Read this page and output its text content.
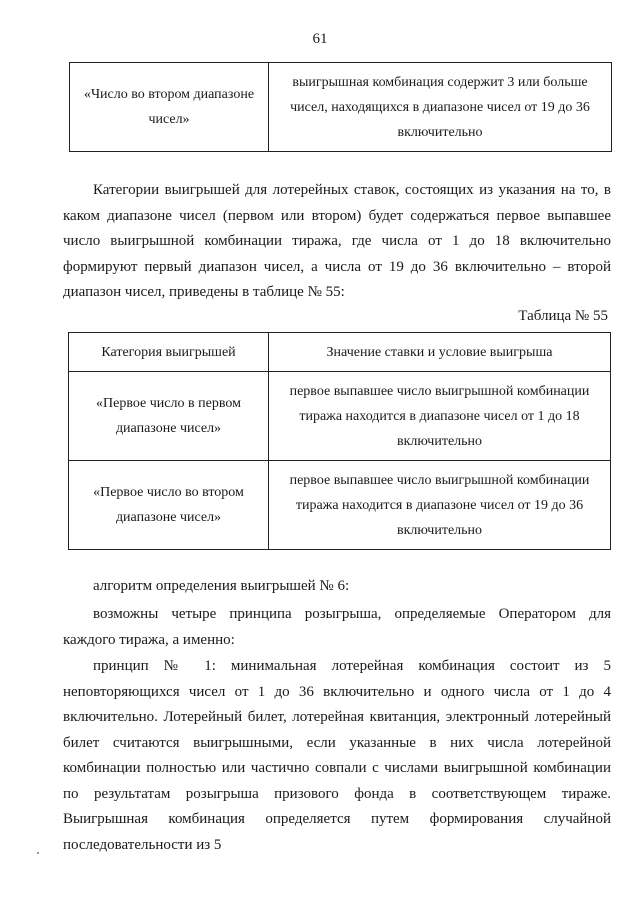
61
«Число во втором диапазоне чисел»	выигрышная комбинация содержит 3 или больше чисел, находящихся в диапазоне чисел от 19 до 36 включительно
Категории выигрышей для лотерейных ставок, состоящих из указания на то, в каком диапазоне чисел (первом или втором) будет содержаться первое выпавшее число выигрышной комбинации тиража, где числа от 1 до 18 включительно формируют первый диапазон чисел, а числа от 19 до 36 включительно – второй диапазон чисел, приведены в таблице № 55:
Таблица № 55
Категория выигрышей	Значение ставки и условие выигрыша
«Первое число в первом диапазоне чисел»	первое выпавшее число выигрышной комбинации тиража находится в диапазоне чисел от 1 до 18 включительно
«Первое число во втором диапазоне чисел»	первое выпавшее число выигрышной комбинации тиража находится в диапазоне чисел от 19 до 36 включительно
алгоритм определения выигрышей № 6:
возможны четыре принципа розыгрыша, определяемые Оператором для каждого тиража, а именно:
принцип № 1: минимальная лотерейная комбинация состоит из 5 неповторяющихся чисел от 1 до 36 включительно и одного числа от 1 до 4 включительно. Лотерейный билет, лотерейная квитанция, электронный лотерейный билет считаются выигрышными, если указанные в них числа лотерейной комбинации полностью или частично совпали с числами выигрышной комбинации по результатам розыгрыша призового фонда в соответствующем тираже. Выигрышная комбинация определяется путем формирования случайной последовательности из 5
